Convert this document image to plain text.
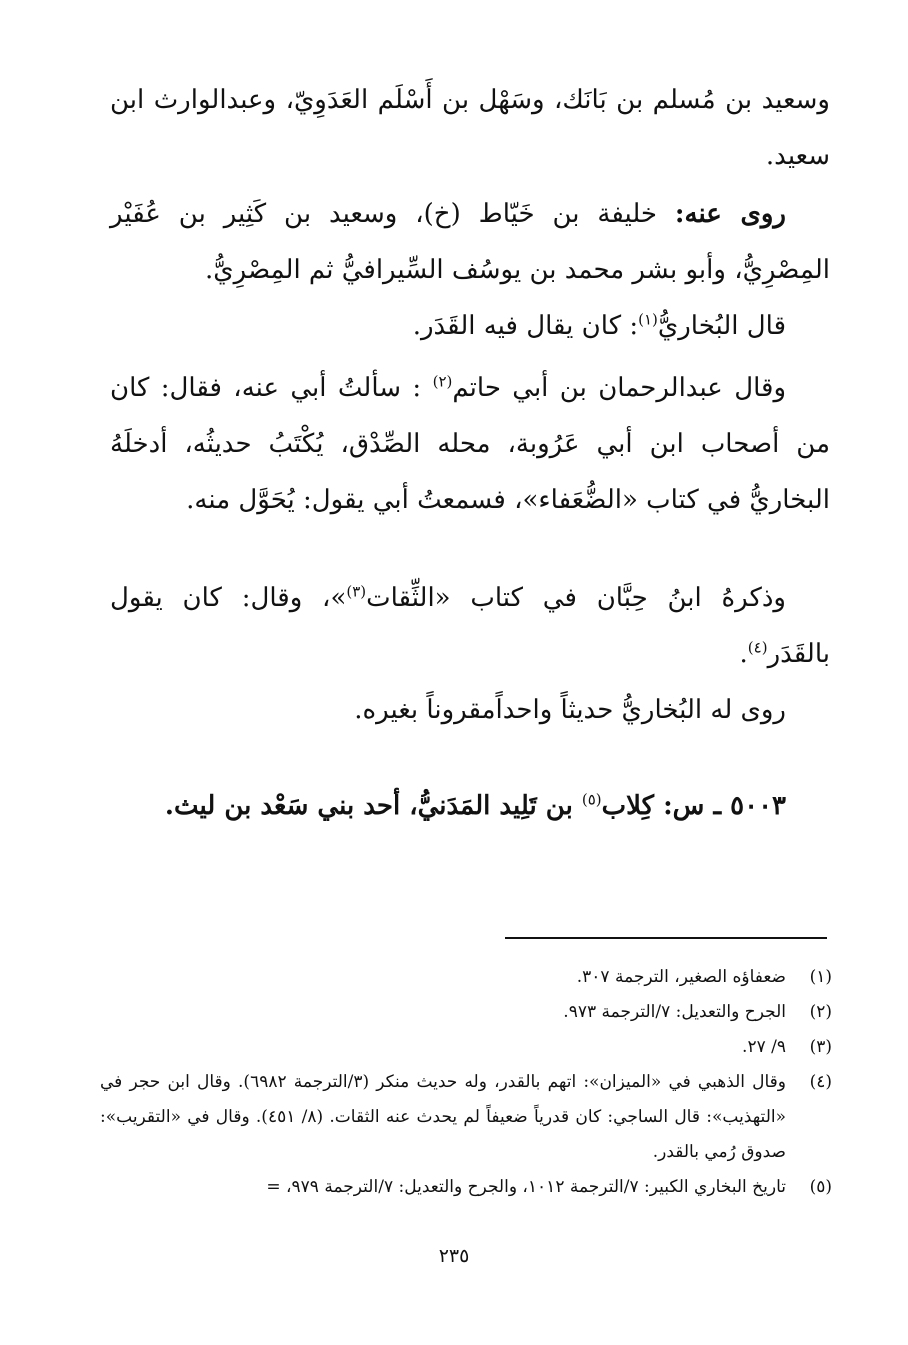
وسعيد بن مُسلم بن بَانَك، وسَهْل بن أَسْلَم العَدَوِيّ، وعبدالوارث ابن سعيد.

روى عنه: خليفة بن خَيّاط (خ)، وسعيد بن كَثِير بن عُفَيْر المِصْرِيُّ، وأبو بشر محمد بن يوسُف السِّيرافيُّ ثم المِصْرِيُّ.

قال البُخاريُّ$^{(١)}$: كان يقال فيه القَدَر.

وقال عبدالرحمان بن أبي حاتم$^{(٢)}$ : سألتُ أبي عنه، فقال: كان من أصحاب ابن أبي عَرُوبة، محله الصِّدْق، يُكْتَبُ حديثُه، أدخلَهُ البخاريُّ في كتاب «الضُّعَفاء»، فسمعتُ أبي يقول: يُحَوَّل منه.

وذكرهُ ابنُ حِبَّان في كتاب «الثِّقات$^{(٣)}$»، وقال: كان يقول بالقَدَر$^{(٤)}$.

روى له البُخاريُّ حديثاً واحداًمقروناً بغيره.

٥٠٠٣ ـ س: كِلاب$^{(٥)}$ بن تَلِيد المَدَنيُّ، أحد بني سَعْد بن ليث.

(١)
ضعفاؤه الصغير، الترجمة ٣٠٧.
(٢)
الجرح والتعديل: ٧/الترجمة ٩٧٣.
(٣)
٩/ ٢٧.
(٤)
وقال الذهبي في «الميزان»: اتهم بالقدر، وله حديث منكر (٣/الترجمة ٦٩٨٢). وقال ابن حجر في «التهذيب»: قال الساجي: كان قدرياً ضعيفاً لم يحدث عنه الثقات. (٨/ ٤٥١). وقال في «التقريب»: صدوق رُمي بالقدر.
(٥)
تاريخ البخاري الكبير: ٧/الترجمة ١٠١٢، والجرح والتعديل: ٧/الترجمة ٩٧٩، =
٢٣٥
